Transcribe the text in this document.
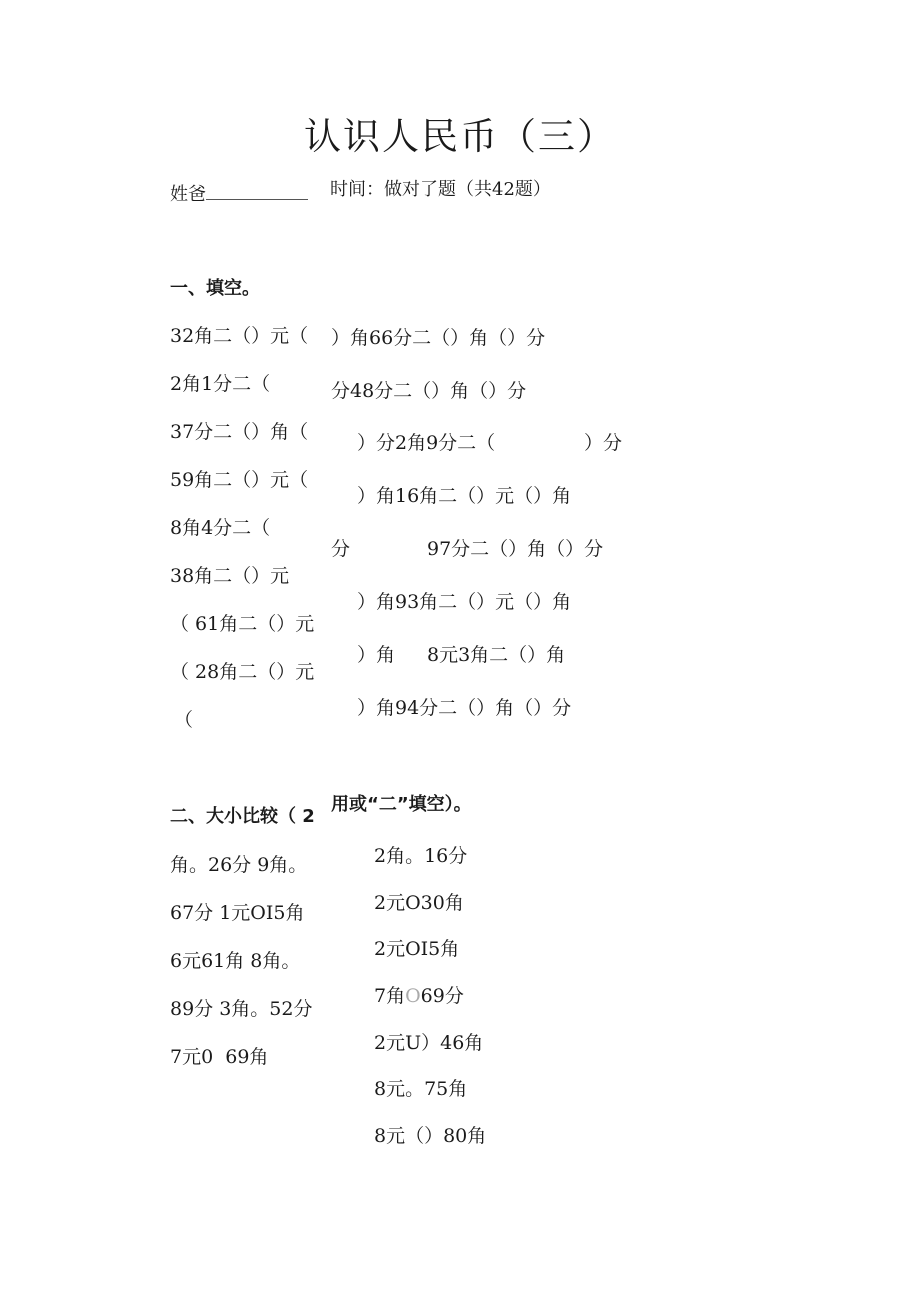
认识人民币（三）
姓爸	时间：做对了题（共42题）
一、填空。
32角二（）元（
2角1分二（
37分二（）角（
59角二（）元（
8角4分二（
38角二（）元
（ 61角二（）元
（ 28角二（）元
（
）角66分二（）角（）分
分48分二（）角（）分
）分2角9分二（	）分
）角16角二（）元（）角
分	97分二（）角（）分
）角93角二（）元（）角
）角 8元3角二（）角
）角94分二（）角（）分
二、大小比较（ 2
用或“二”填空）。
角。26分 9角。
67分 1元OI5角
6元61角 8角。
89分 3角。52分
7元0  69角
2角。16分
2元O30角
2元OI5角
7角O69分
2元U）46角
8元。75角
8元（）80角
